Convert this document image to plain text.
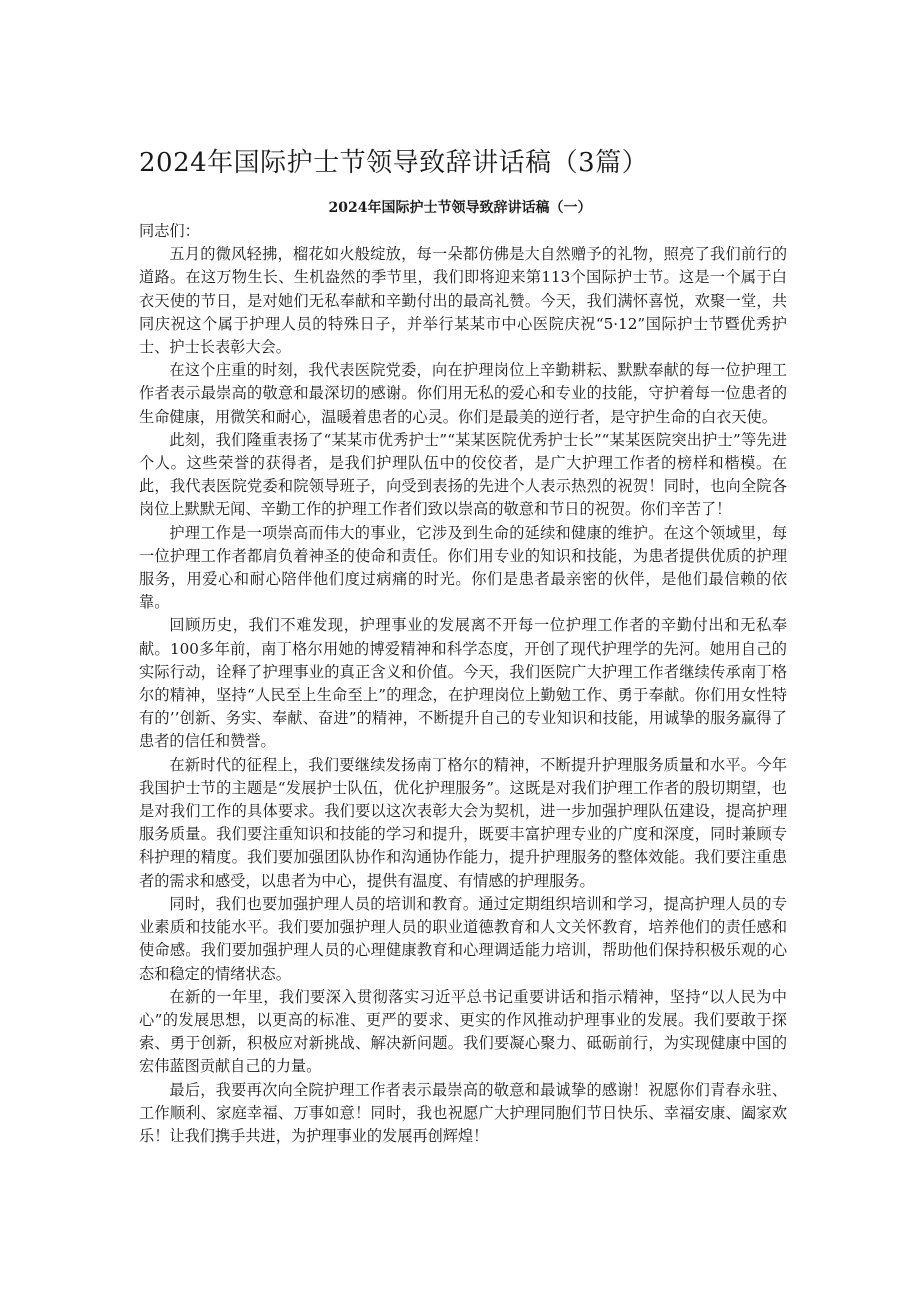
2024年国际护士节领导致辞讲话稿（3篇）
2024年国际护士节领导致辞讲话稿（一）

同志们：

五月的微风轻拂，榴花如火般绽放，每一朵都仿佛是大自然赠予的礼物，照亮了我们前行的道路。在这万物生长、生机盎然的季节里，我们即将迎来第113个国际护士节。这是一个属于白衣天使的节日，是对她们无私奉献和辛勤付出的最高礼赞。今天，我们满怀喜悦，欢聚一堂，共同庆祝这个属于护理人员的特殊日子，并举行某某市中心医院庆祝“5·12”国际护士节暨优秀护士、护士长表彰大会。

在这个庄重的时刻，我代表医院党委，向在护理岗位上辛勤耕耘、默默奉献的每一位护理工作者表示最崇高的敬意和最深切的感谢。你们用无私的爱心和专业的技能，守护着每一位患者的生命健康，用微笑和耐心，温暖着患者的心灵。你们是最美的逆行者，是守护生命的白衣天使。

此刻，我们隆重表扬了“某某市优秀护士”“某某医院优秀护士长”“某某医院突出护士”等先进个人。这些荣誉的获得者，是我们护理队伍中的佼佼者，是广大护理工作者的榜样和楷模。在此，我代表医院党委和院领导班子，向受到表扬的先进个人表示热烈的祝贺！同时，也向全院各岗位上默默无闻、辛勤工作的护理工作者们致以崇高的敬意和节日的祝贺。你们辛苦了！

护理工作是一项崇高而伟大的事业，它涉及到生命的延续和健康的维护。在这个领域里，每一位护理工作者都肩负着神圣的使命和责任。你们用专业的知识和技能，为患者提供优质的护理服务，用爱心和耐心陪伴他们度过病痛的时光。你们是患者最亲密的伙伴，是他们最信赖的依靠。

回顾历史，我们不难发现，护理事业的发展离不开每一位护理工作者的辛勤付出和无私奉献。100多年前，南丁格尔用她的博爱精神和科学态度，开创了现代护理学的先河。她用自己的实际行动，诠释了护理事业的真正含义和价值。今天，我们医院广大护理工作者继续传承南丁格尔的精神，坚持“人民至上生命至上”的理念，在护理岗位上勤勉工作、勇于奉献。你们用女性特有的’’创新、务实、奉献、奋进”的精神，不断提升自己的专业知识和技能，用诚挚的服务赢得了患者的信任和赞誉。

在新时代的征程上，我们要继续发扬南丁格尔的精神，不断提升护理服务质量和水平。今年我国护士节的主题是“发展护士队伍，优化护理服务”。这既是对我们护理工作者的殷切期望，也是对我们工作的具体要求。我们要以这次表彰大会为契机，进一步加强护理队伍建设，提高护理服务质量。我们要注重知识和技能的学习和提升，既要丰富护理专业的广度和深度，同时兼顾专科护理的精度。我们要加强团队协作和沟通协作能力，提升护理服务的整体效能。我们要注重患者的需求和感受，以患者为中心，提供有温度、有情感的护理服务。

同时，我们也要加强护理人员的培训和教育。通过定期组织培训和学习，提高护理人员的专业素质和技能水平。我们要加强护理人员的职业道德教育和人文关怀教育，培养他们的责任感和使命感。我们要加强护理人员的心理健康教育和心理调适能力培训，帮助他们保持积极乐观的心态和稳定的情绪状态。

在新的一年里，我们要深入贯彻落实习近平总书记重要讲话和指示精神，坚持“以人民为中心”的发展思想，以更高的标准、更严的要求、更实的作风推动护理事业的发展。我们要敢于探索、勇于创新，积极应对新挑战、解决新问题。我们要凝心聚力、砥砺前行，为实现健康中国的宏伟蓝图贡献自己的力量。

最后，我要再次向全院护理工作者表示最崇高的敬意和最诚挚的感谢！祝愿你们青春永驻、工作顺利、家庭幸福、万事如意！同时，我也祝愿广大护理同胞们节日快乐、幸福安康、阖家欢乐！让我们携手共进，为护理事业的发展再创辉煌！
